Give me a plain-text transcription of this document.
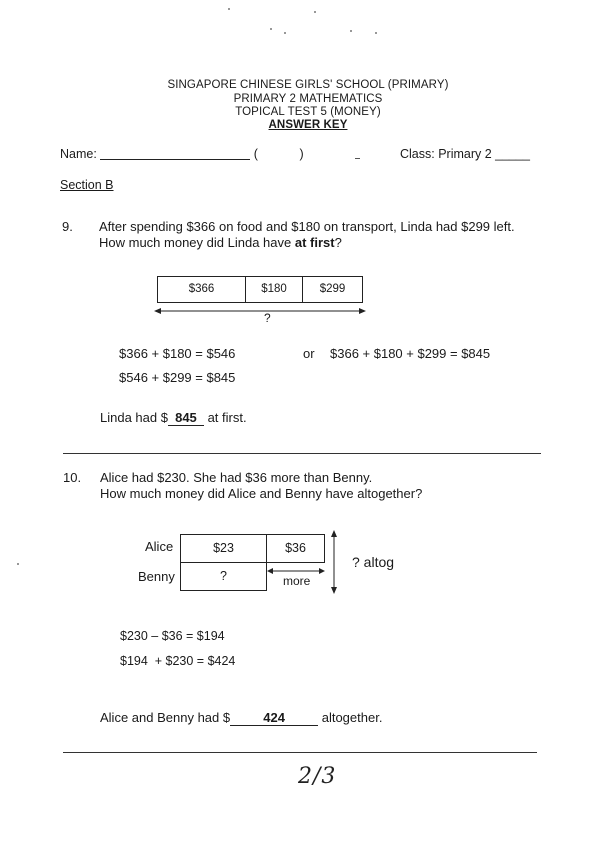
SINGAPORE CHINESE GIRLS' SCHOOL (PRIMARY)
PRIMARY 2 MATHEMATICS
TOPICAL TEST 5 (MONEY)
ANSWER KEY
Name:	(	)	Class: Primary 2 _____
Section B
9. After spending $366 on food and $180 on transport, Linda had $299 left.
How much money did Linda have at first?
$366	$180	$299
?
$366 + $180 = $546
$546 + $299 = $845
or $366 + $180 + $299 = $845
Linda had $ 845 at first.
10. Alice had $230. She had $36 more than Benny.
How much money did Alice and Benny have altogether?
Alice
Benny
$23	$36
?	more
? altog
$230 – $36 = $194
$194  + $230 = $424
Alice and Benny had $	424	altogether.
2/3
